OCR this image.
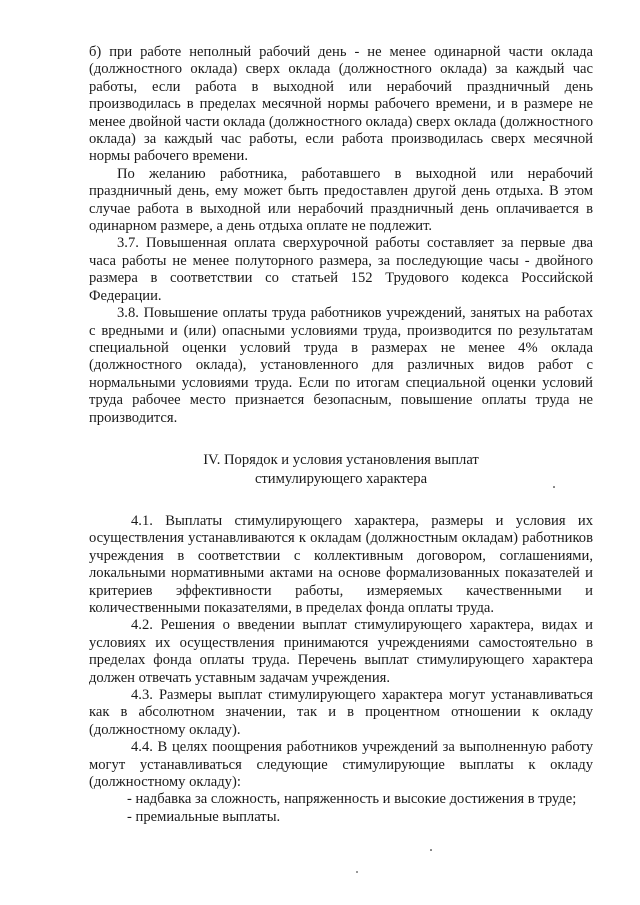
б) при работе неполный рабочий день - не менее одинарной части оклада (должностного оклада) сверх оклада (должностного оклада) за каждый час работы, если работа в выходной или нерабочий праздничный день производилась в пределах месячной нормы рабочего времени, и в размере не менее двойной части оклада (должностного оклада) сверх оклада (должностного оклада) за каждый час работы, если работа производилась сверх месячной нормы рабочего времени.

По желанию работника, работавшего в выходной или нерабочий праздничный день, ему может быть предоставлен другой день отдыха. В этом случае работа в выходной или нерабочий праздничный день оплачивается в одинарном размере, а день отдыха оплате не подлежит.

3.7. Повышенная оплата сверхурочной работы составляет за первые два часа работы не менее полуторного размера, за последующие часы - двойного размера в соответствии со статьей 152 Трудового кодекса Российской Федерации.

3.8. Повышение оплаты труда работников учреждений, занятых на работах с вредными и (или) опасными условиями труда, производится по результатам специальной оценки условий труда в размерах не менее 4% оклада (должностного оклада), установленного для различных видов работ с нормальными условиями труда. Если по итогам специальной оценки условий труда рабочее место признается безопасным, повышение оплаты труда не производится.

IV. Порядок и условия установления выплат
стимулирующего характера

4.1. Выплаты стимулирующего характера, размеры и условия их осуществления устанавливаются к окладам (должностным окладам) работников учреждения в соответствии с коллективным договором, соглашениями, локальными нормативными актами на основе формализованных показателей и критериев эффективности работы, измеряемых качественными и количественными показателями, в пределах фонда оплаты труда.

4.2. Решения о введении выплат стимулирующего характера, видах и условиях их осуществления принимаются учреждениями самостоятельно в пределах фонда оплаты труда. Перечень выплат стимулирующего характера должен отвечать уставным задачам учреждения.

4.3. Размеры выплат стимулирующего характера могут устанавливаться как в абсолютном значении, так и в процентном отношении к окладу (должностному окладу).

4.4. В целях поощрения работников учреждений за выполненную работу могут устанавливаться следующие стимулирующие выплаты к окладу (должностному окладу):

- надбавка за сложность, напряженность и высокие достижения в труде;

- премиальные выплаты.
